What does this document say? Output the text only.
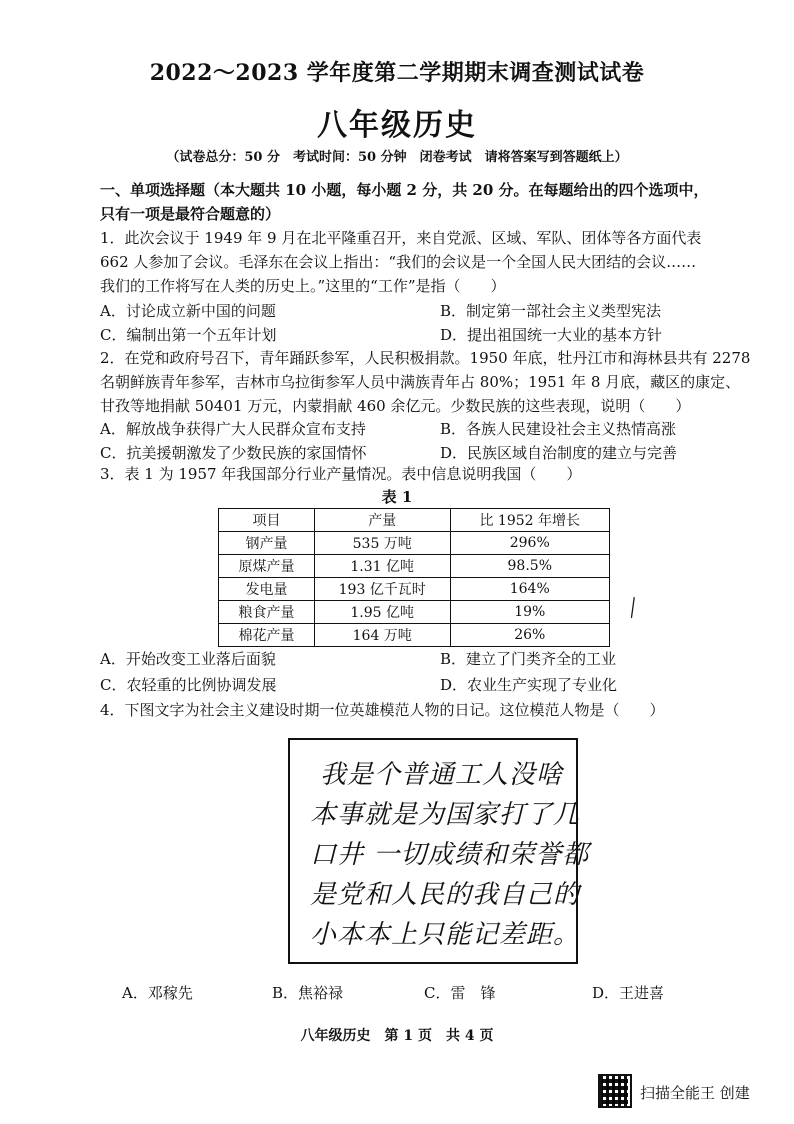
2022～2023 学年度第二学期期末调查测试试卷
八年级历史
（试卷总分：50 分　考试时间：50 分钟　闭卷考试　请将答案写到答题纸上）
一、单项选择题（本大题共 10 小题，每小题 2 分，共 20 分。在每题给出的四个选项中，
只有一项是最符合题意的）
1．此次会议于 1949 年 9 月在北平隆重召开，来自党派、区域、军队、团体等各方面代表
662 人参加了会议。毛泽东在会议上指出：“我们的会议是一个全国人民大团结的会议……
我们的工作将写在人类的历史上。”这里的“工作”是指（　　）
A．讨论成立新中国的问题	B．制定第一部社会主义类型宪法
C．编制出第一个五年计划	D．提出祖国统一大业的基本方针
2．在党和政府号召下，青年踊跃参军，人民积极捐款。1950 年底，牡丹江市和海林县共有 2278
名朝鲜族青年参军，吉林市乌拉街参军人员中满族青年占 80%；1951 年 8 月底，藏区的康定、
甘孜等地捐献 50401 万元，内蒙捐献 460 余亿元。少数民族的这些表现，说明（　　）
A．解放战争获得广大人民群众宣布支持	B．各族人民建设社会主义热情高涨
C．抗美援朝激发了少数民族的家国情怀	D．民族区域自治制度的建立与完善
3．表 1 为 1957 年我国部分行业产量情况。表中信息说明我国（　　）
表 1
项目	产量	比 1952 年增长
钢产量	535 万吨	296%
原煤产量	1.31 亿吨	98.5%
发电量	193 亿千瓦时	164%
粮食产量	1.95 亿吨	19%
棉花产量	164 万吨	26%
╲
A．开始改变工业落后面貌	B．建立了门类齐全的工业
C．农轻重的比例协调发展	D．农业生产实现了专业化
4．下图文字为社会主义建设时期一位英雄模范人物的日记。这位模范人物是（　　）
我是个普通工人没啥
本事就是为国家打了几
口井 一切成绩和荣誉都
是党和人民的我自己的
小本本上只能记差距。
A．邓稼先	B．焦裕禄	C．雷　锋	D．王进喜
八年级历史　第 1 页　共 4 页
扫描全能王 创建
